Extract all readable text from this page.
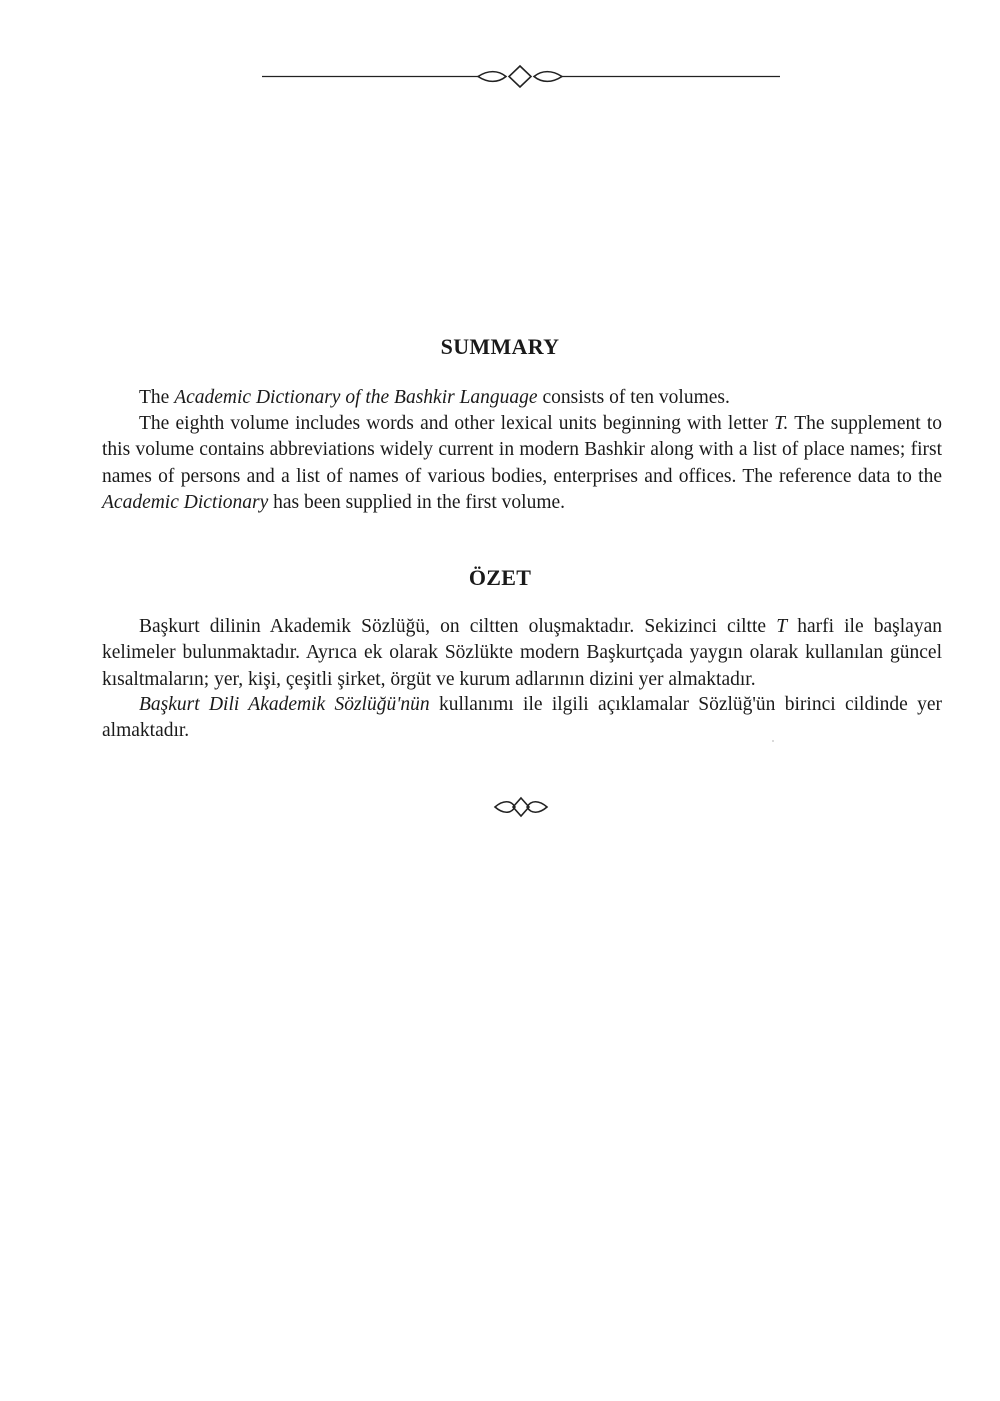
SUMMARY

The Academic Dictionary of the Bashkir Language consists of ten volumes.

The eighth volume includes words and other lexical units beginning with letter T. The supplement to this volume contains abbreviations widely current in modern Bashkir along with a list of place names; first names of persons and a list of names of various bodies, enterprises and offices. The reference data to the Academic Dictionary has been supplied in the first volume.

ÖZET

Başkurt dilinin Akademik Sözlüğü, on ciltten oluşmaktadır. Sekizinci ciltte T harfi ile başlayan kelimeler bulunmaktadır. Ayrıca ek olarak Sözlükte modern Başkurtçada yaygın olarak kullanılan güncel kısaltmaların; yer, kişi, çeşitli şirket, örgüt ve kurum adlarının dizini yer almaktadır.

Başkurt Dili Akademik Sözlüğü'nün kullanımı ile ilgili açıklamalar Sözlüğ'ün birinci cildinde yer almaktadır.
